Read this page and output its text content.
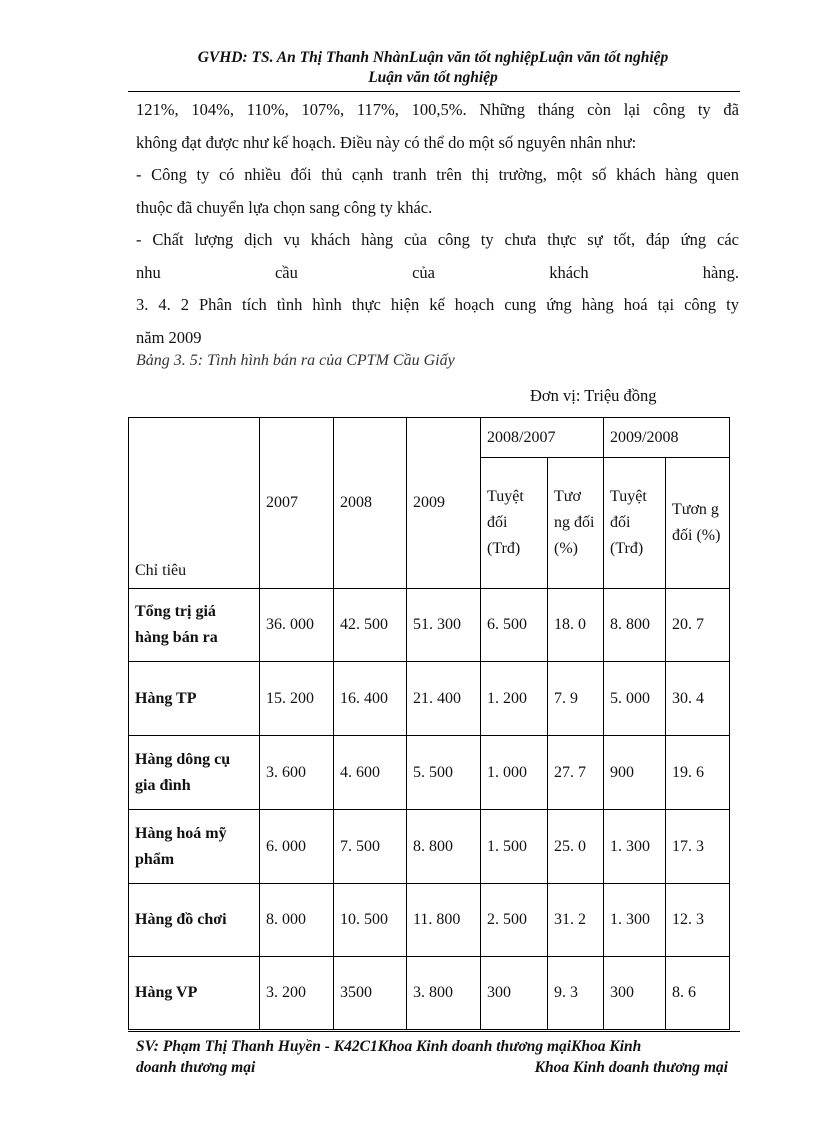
GVHD: TS. An Thị Thanh NhànLuận văn tốt nghiệpLuận văn tốt nghiệp
Luận văn tốt nghiệp

121%, 104%, 110%, 107%, 117%, 100,5%. Những tháng còn lại công ty đã

không đạt được như kế hoạch. Điều này có thể do một số nguyên nhân như:

- Công ty có nhiều đối thủ cạnh tranh trên thị trường, một số khách hàng quen

thuộc đã chuyển lựa chọn sang công ty khác.

- Chất lượng dịch vụ khách hàng của công ty chưa thực sự tốt, đáp ứng các

nhu cầu của khách hàng.

3. 4. 2 Phân tích tình hình thực hiện kế hoạch cung ứng hàng hoá tại công ty

năm 2009

Bảng 3. 5: Tình hình bán ra của CPTM Cầu Giấy
Đơn vị: Triệu đồng
Chỉ tiêu	2007	2008	2009	2008/2007		2009/2008	
				Tuyệt đối (Trđ)	Tươ ng đối (%)	Tuyệt đối (Trđ)	Tươn g đối (%)
Tổng trị giá hàng bán ra	36. 000	42. 500	51. 300	6. 500	18. 0	8. 800	20. 7
Hàng TP	15. 200	16. 400	21. 400	1. 200	7. 9	5. 000	30. 4
Hàng dông cụ gia đình	3. 600	4. 600	5. 500	1. 000	27. 7	900	19. 6
Hàng hoá mỹ phẩm	6. 000	7. 500	8. 800	1. 500	25. 0	1. 300	17. 3
Hàng đồ chơi	8. 000	10. 500	11. 800	2. 500	31. 2	1. 300	12. 3
Hàng VP	3. 200	3500	3. 800	300	9. 3	300	8. 6
SV: Phạm Thị Thanh Huyền - K42C1Khoa Kinh doanh thương mạiKhoa Kinh
doanh thương mại	Khoa Kinh doanh thương mại
